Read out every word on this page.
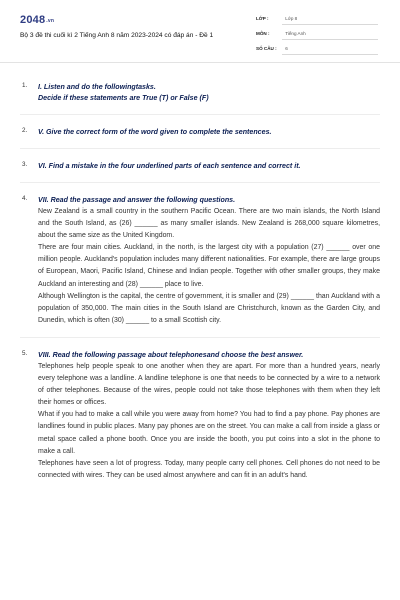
2048.vn
Bộ 3 đề thi cuối kì 2 Tiếng Anh 8 năm 2023-2024 có đáp án - Đề 1
LỚP :	Lớp 8
MÔN :	Tiếng Anh
SỐ CÂU : 6
1. I. Listen and do the followingtasks.
Decide if these statements are True (T) or False (F)
2. V. Give the correct form of the word given to complete the sentences.
3. VI. Find a mistake in the four underlined parts of each sentence and correct it.
4. VII. Read the passage and answer the following questions.
New Zealand is a small country in the southern Pacific Ocean. There are two main islands, the North Island and the South Island, as (26) ______ as many smaller islands. New Zealand is 268,000 square kilometres, about the same size as the United Kingdom.
There are four main cities. Auckland, in the north, is the largest city with a population (27) ______ over one million people. Auckland's population includes many different nationalities. For example, there are large groups of European, Maori, Pacific Island, Chinese and Indian people. Together with other smaller groups, they make Auckland an interesting and (28) ______ place to live.
Although Wellington is the capital, the centre of government, it is smaller and (29) ______ than Auckland with a population of 350,000. The main cities in the South Island are Christchurch, known as the Garden City, and Dunedin, which is often (30) ______ to a small Scottish city.
5. VIII. Read the following passage about telephonesand choose the best answer.
Telephones help people speak to one another when they are apart. For more than a hundred years, nearly every telephone was a landline. A landline telephone is one that needs to be connected by a wire to a network of other telephones. Because of the wires, people could not take those telephones with them when they left their homes or offices.
What if you had to make a call while you were away from home? You had to find a pay phone. Pay phones are landlines found in public places. Many pay phones are on the street. You can make a call from inside a glass or metal space called a phone booth. Once you are inside the booth, you put coins into a slot in the phone to make a call.
Telephones have seen a lot of progress. Today, many people carry cell phones. Cell phones do not need to be connected with wires. They can be used almost anywhere and can fit in an adult's hand.
